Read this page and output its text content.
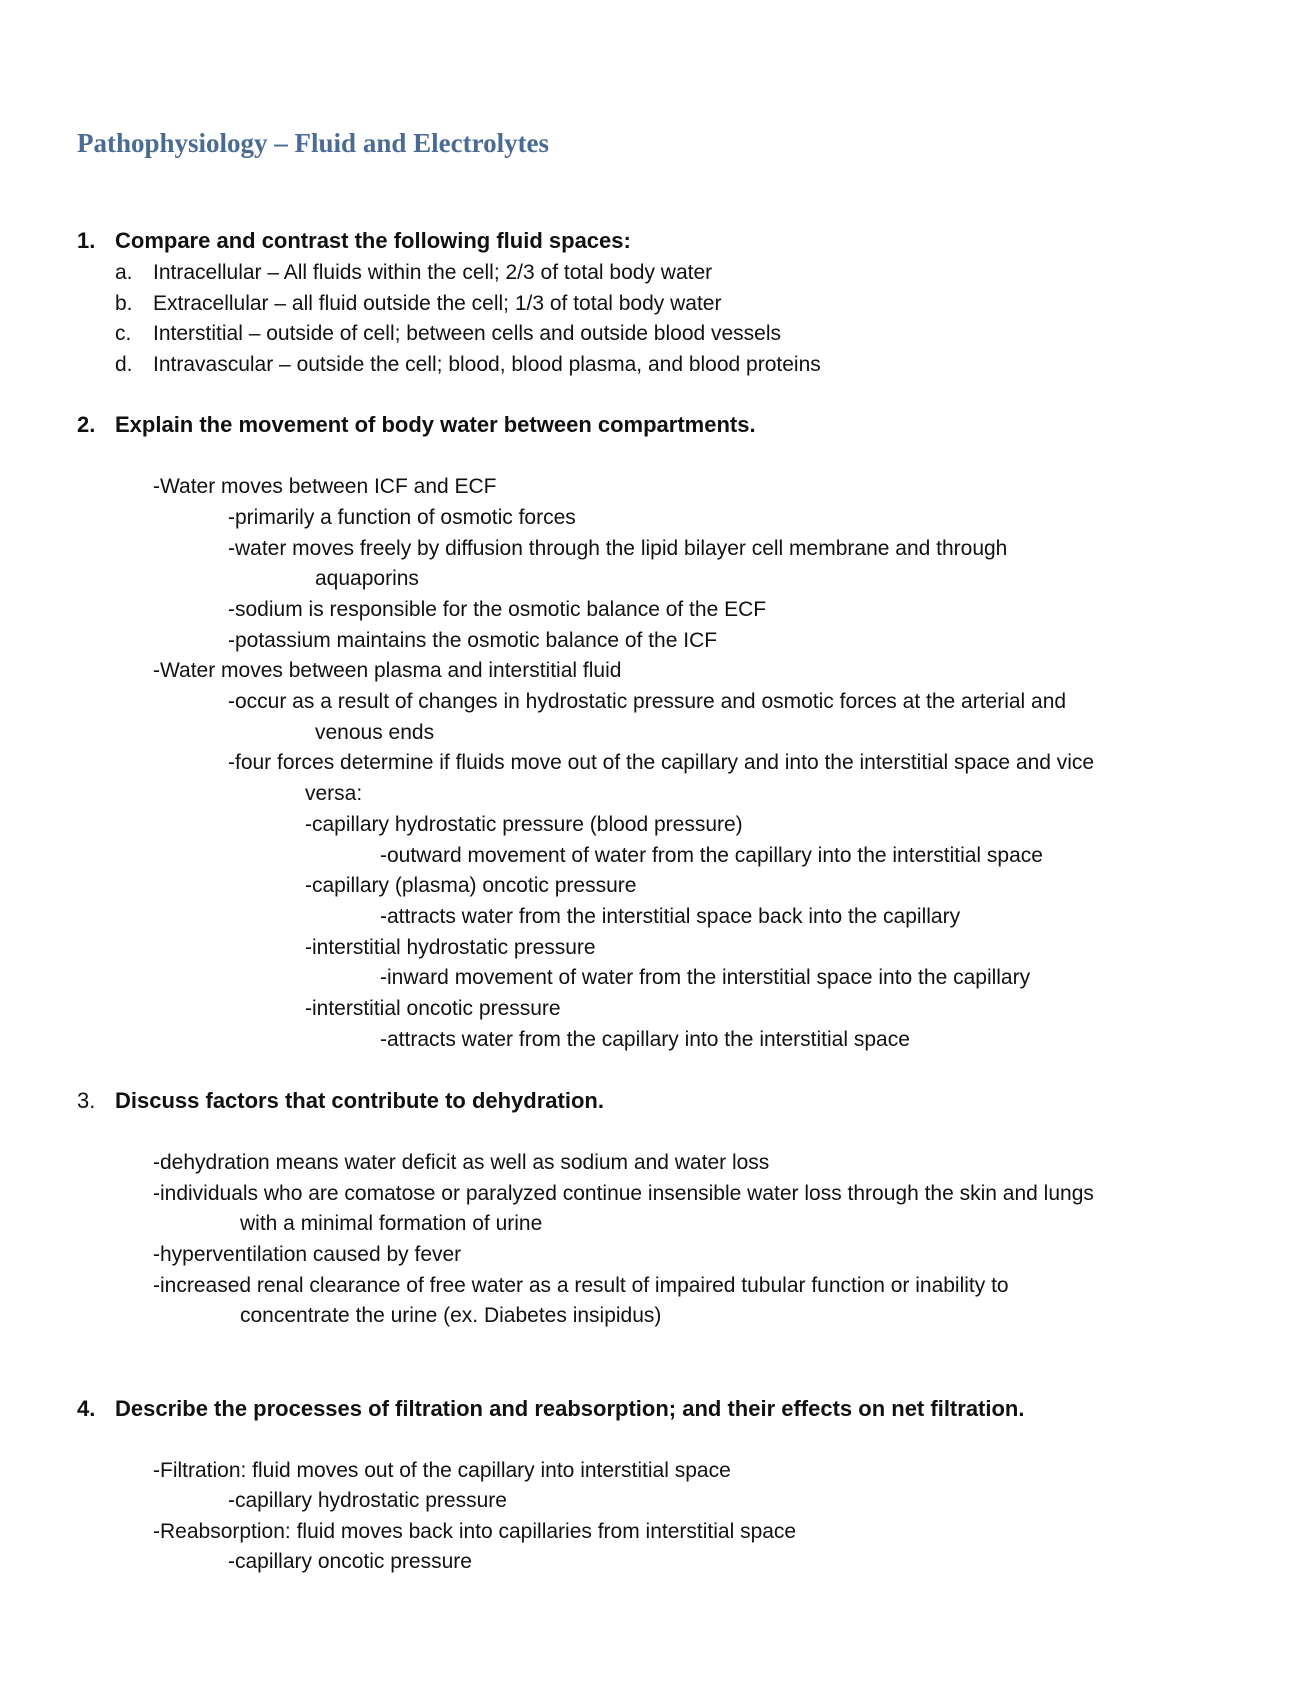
Pathophysiology – Fluid and Electrolytes
1. Compare and contrast the following fluid spaces:
a. Intracellular – All fluids within the cell; 2/3 of total body water
b. Extracellular – all fluid outside the cell; 1/3 of total body water
c. Interstitial – outside of cell; between cells and outside blood vessels
d. Intravascular – outside the cell; blood, blood plasma, and blood proteins
2. Explain the movement of body water between compartments.
-Water moves between ICF and ECF
-primarily a function of osmotic forces
-water moves freely by diffusion through the lipid bilayer cell membrane and through
aquaporins
-sodium is responsible for the osmotic balance of the ECF
-potassium maintains the osmotic balance of the ICF
-Water moves between plasma and interstitial fluid
-occur as a result of changes in hydrostatic pressure and osmotic forces at the arterial and
venous ends
-four forces determine if fluids move out of the capillary and into the interstitial space and vice
versa:
-capillary hydrostatic pressure (blood pressure)
-outward movement of water from the capillary into the interstitial space
-capillary (plasma) oncotic pressure
-attracts water from the interstitial space back into the capillary
-interstitial hydrostatic pressure
-inward movement of water from the interstitial space into the capillary
-interstitial oncotic pressure
-attracts water from the capillary into the interstitial space
3. Discuss factors that contribute to dehydration.
-dehydration means water deficit as well as sodium and water loss
-individuals who are comatose or paralyzed continue insensible water loss through the skin and lungs
with a minimal formation of urine
-hyperventilation caused by fever
-increased renal clearance of free water as a result of impaired tubular function or inability to
concentrate the urine (ex. Diabetes insipidus)
4. Describe the processes of filtration and reabsorption; and their effects on net filtration.
-Filtration: fluid moves out of the capillary into interstitial space
-capillary hydrostatic pressure
-Reabsorption: fluid moves back into capillaries from interstitial space
-capillary oncotic pressure
